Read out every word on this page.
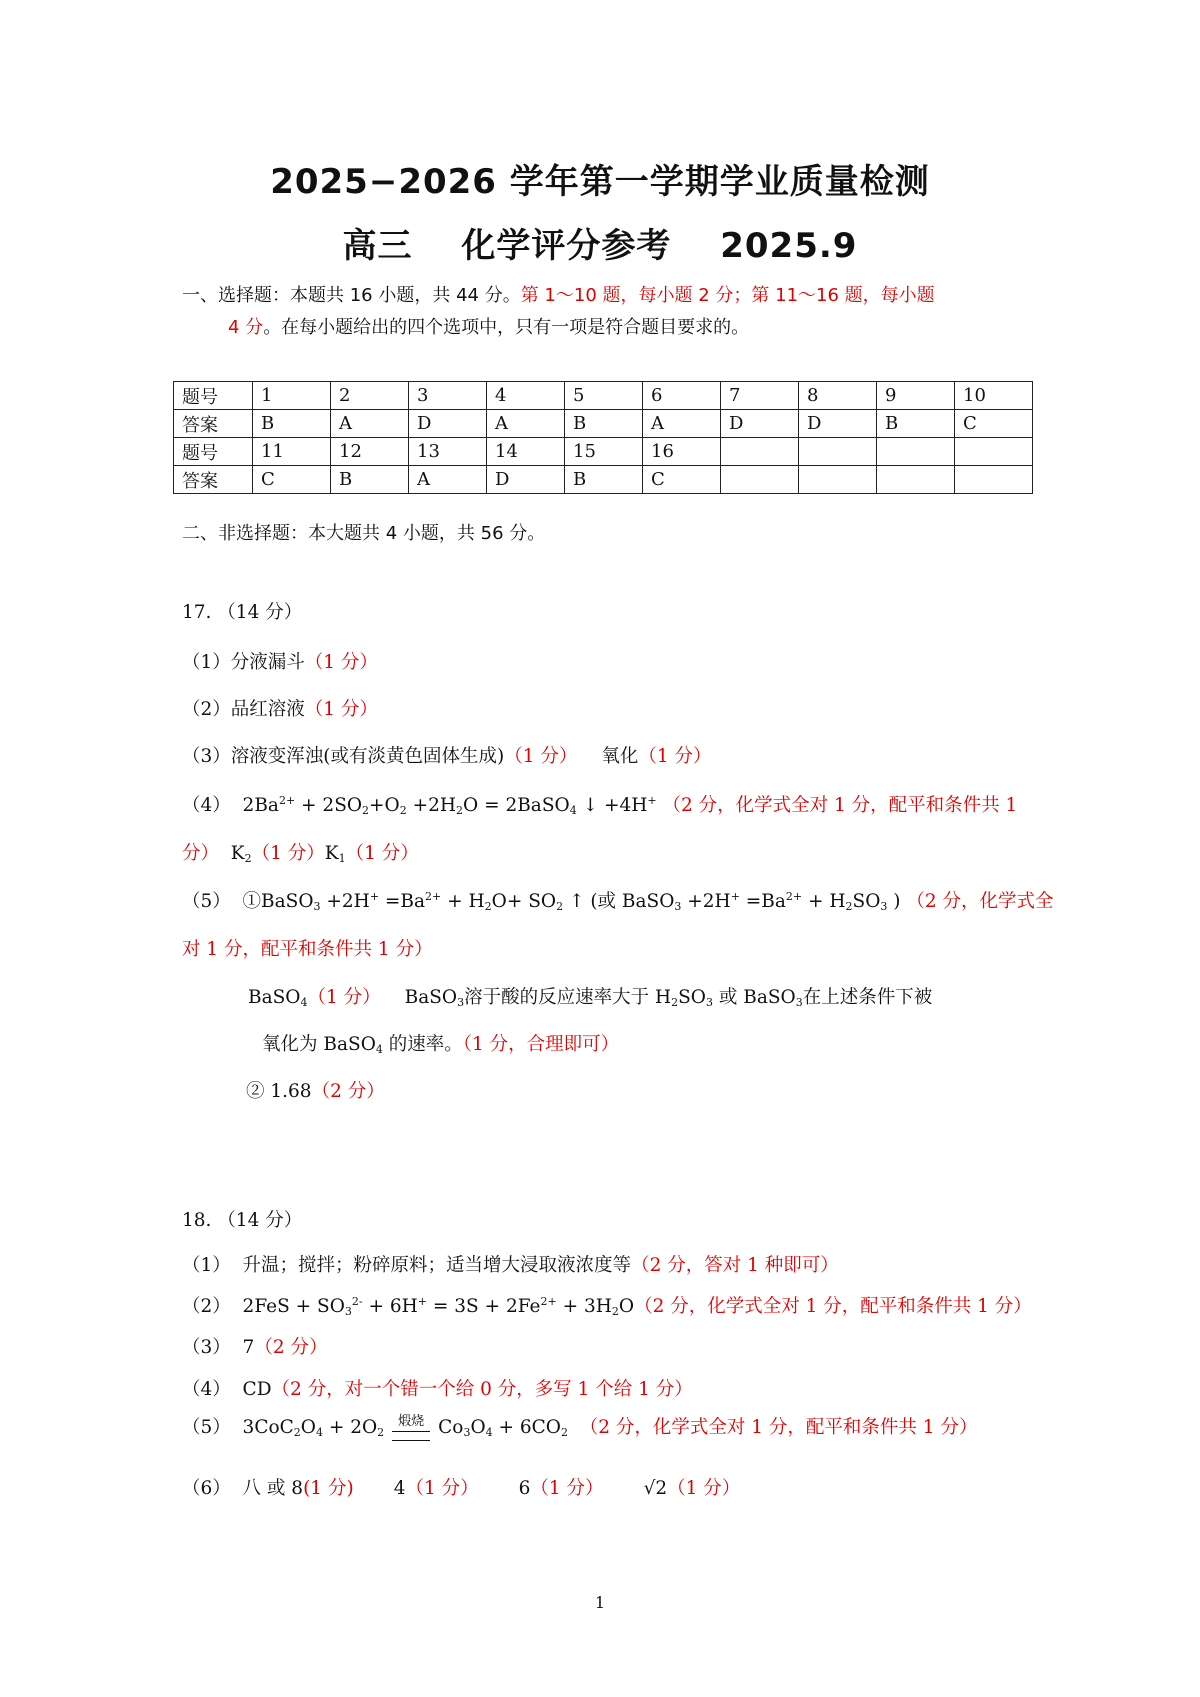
2025−2026 学年第一学期学业质量检测
高三 化学评分参考 2025.9
一、选择题：本题共 16 小题，共 44 分。第 1～10 题，每小题 2 分；第 11～16 题，每小题
4 分。在每小题给出的四个选项中，只有一项是符合题目要求的。
题号	1	2	3	4	5	6	7	8	9	10
答案	B	A	D	A	B	A	D	D	B	C
题号	11	12	13	14	15	16				
答案	C	B	A	D	B	C				
二、非选择题：本大题共 4 小题，共 56 分。
17. （14 分）
（1）分液漏斗（1 分）
（2）品红溶液（1 分）
（3）溶液变浑浊(或有淡黄色固体生成)（1 分） 氧化（1 分）
（4） $2Ba^{2+} + 2SO_2+O_2 +2H_2O$ = 2BaSO$_4$ ↓ +4H+ （2 分，化学式全对 1 分，配平和条件共 1
分） $K_2(1$ 分）$K_1(1$ 分）
（5） ①BaSO$_3$ $+2H^+ =Ba^{2+} + H_2O+ SO_2$ ↑ (或 BaSO$_3$ $+2H^+ =Ba^{2+} + H_2SO_3$ ) （2 分，化学式全
对 1 分，配平和条件共 1 分）
BaSO$_4$（1 分） BaSO$_3$溶于酸的反应速率大于 $H_2SO_3$ 或 BaSO$_3$在上述条件下被
氧化为 BaSO$_4$ 的速率。（1 分，合理即可）
② 1.68（2 分）
18. （14 分）
（1） 升温；搅拌；粉碎原料；适当增大浸取液浓度等（2 分，答对 1 种即可）
（2） $2FeS + SO_3^{2-} + 6H^+ = 3S + 2Fe^{2+} + 3H_2O(2$ 分，化学式全对 1 分，配平和条件共 1 分）
（3） 7（2 分）
（4） CD（2 分，对一个错一个给 0 分，多写 1 个给 1 分）
（5） $3CoC_2O_4 + 2O_2$
煅烧 $Co_3O_4 + 6CO_2$ （2 分，化学式全对 1 分，配平和条件共 1 分）
（6） 八 或 8(1 分) 4（1 分） 6（1 分） √2（1 分）
1
